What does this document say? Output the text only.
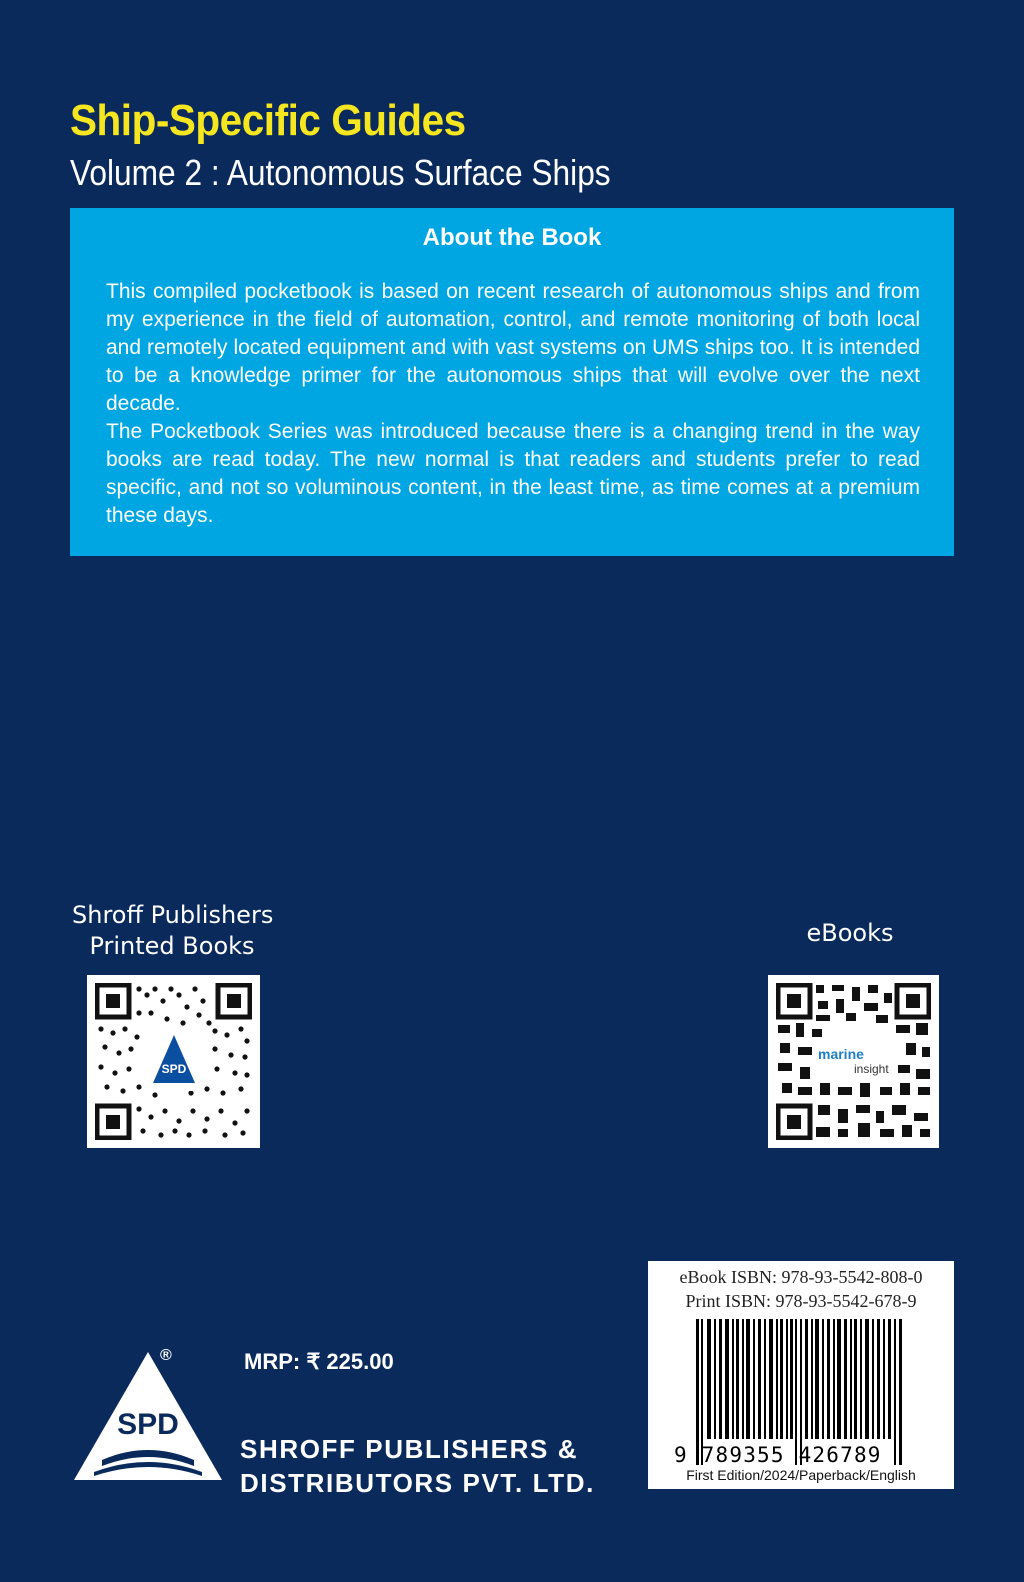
Ship-Specific Guides
Volume 2 : Autonomous Surface Ships
About the Book

This compiled pocketbook is based on recent research of autonomous ships and from my experience in the field of automation, control, and remote monitoring of both local and remotely located equipment and with vast systems on UMS ships too. It is intended to be a knowledge primer for the autonomous ships that will evolve over the next decade.

The Pocketbook Series was introduced because there is a changing trend in the way books are read today. The new normal is that readers and students prefer to read specific, and not so voluminous content, in the least time, as time comes at a premium these days.

Shroff Publishers
Printed Books
SPD
eBooks
marine
insight
eBook ISBN: 978-93-5542-808-0
Print ISBN: 978-93-5542-678-9
9 789355 426789
First Edition/2024/Paperback/English
MRP: ₹ 225.00
SPD
®
SHROFF PUBLISHERS &
DISTRIBUTORS PVT. LTD.
